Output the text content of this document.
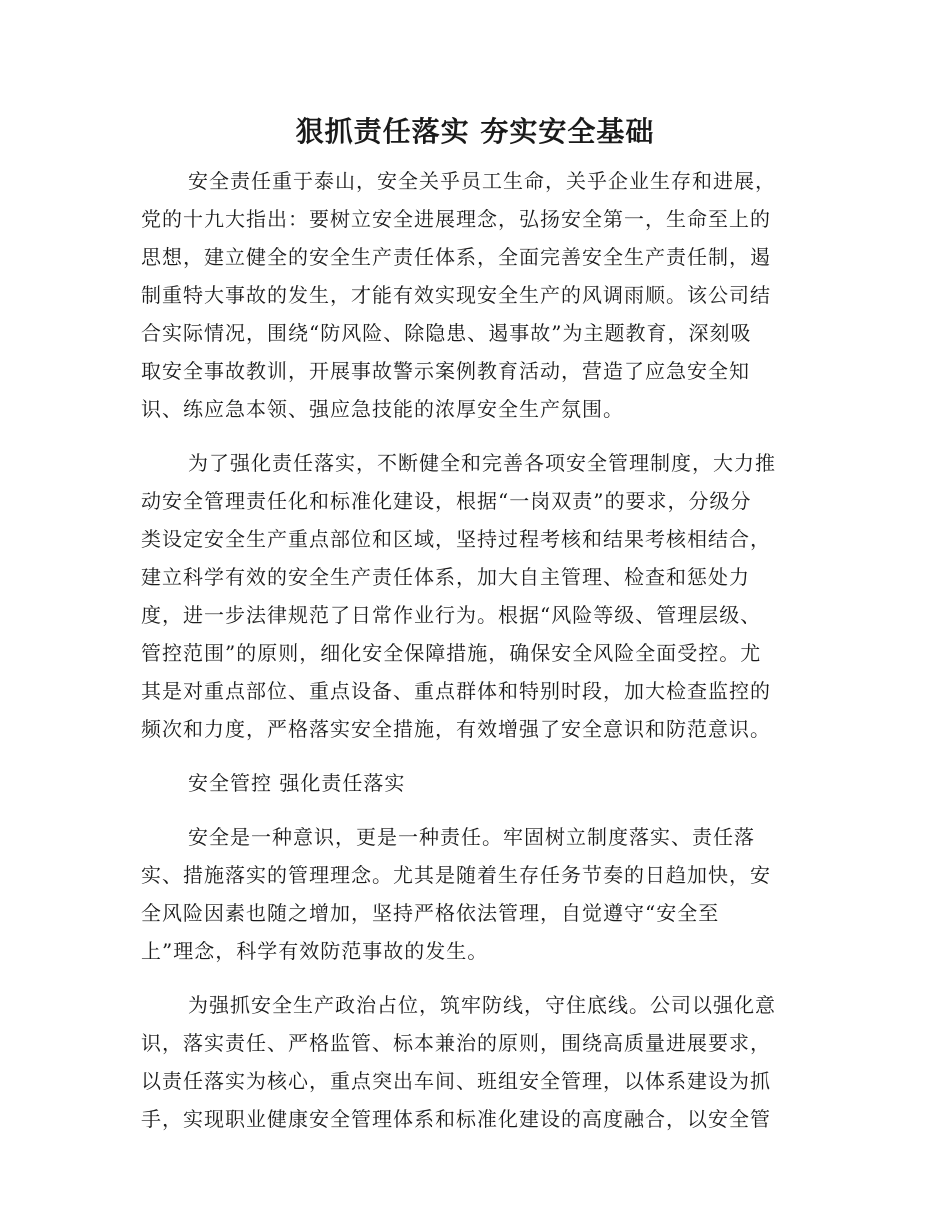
狠抓责任落实 夯实安全基础
安全责任重于泰山，安全关乎员工生命，关乎企业生存和进展，
党的十九大指出：要树立安全进展理念，弘扬安全第一，生命至上的
思想，建立健全的安全生产责任体系，全面完善安全生产责任制，遏
制重特大事故的发生，才能有效实现安全生产的风调雨顺。该公司结
合实际情况，围绕“防风险、除隐患、遏事故”为主题教育，深刻吸
取安全事故教训，开展事故警示案例教育活动，营造了应急安全知
识、练应急本领、强应急技能的浓厚安全生产氛围。
为了强化责任落实，不断健全和完善各项安全管理制度，大力推
动安全管理责任化和标准化建设，根据“一岗双责”的要求，分级分
类设定安全生产重点部位和区域，坚持过程考核和结果考核相结合，
建立科学有效的安全生产责任体系，加大自主管理、检查和惩处力
度，进一步法律规范了日常作业行为。根据“风险等级、管理层级、
管控范围”的原则，细化安全保障措施，确保安全风险全面受控。尤
其是对重点部位、重点设备、重点群体和特别时段，加大检查监控的
频次和力度，严格落实安全措施，有效增强了安全意识和防范意识。
安全管控 强化责任落实
安全是一种意识，更是一种责任。牢固树立制度落实、责任落
实、措施落实的管理理念。尤其是随着生存任务节奏的日趋加快，安
全风险因素也随之增加，坚持严格依法管理，自觉遵守“安全至
上”理念，科学有效防范事故的发生。
为强抓安全生产政治占位，筑牢防线，守住底线。公司以强化意
识，落实责任、严格监管、标本兼治的原则，围绕高质量进展要求，
以责任落实为核心，重点突出车间、班组安全管理，以体系建设为抓
手，实现职业健康安全管理体系和标准化建设的高度融合，以安全管
